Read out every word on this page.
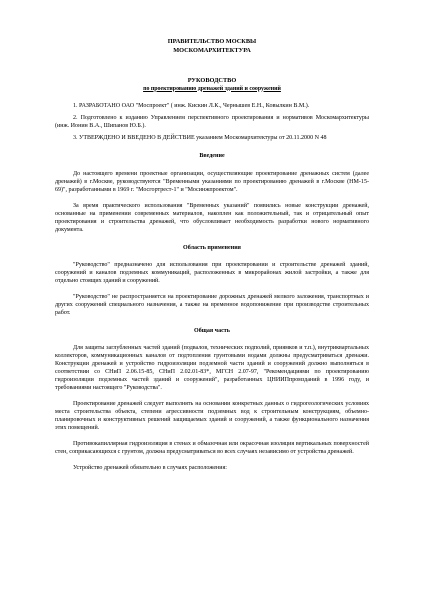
ПРАВИТЕЛЬСТВО МОСКВЫ
МОСКОМАРХИТЕКТУРА
РУКОВОДСТВО
по проектированию дренажей зданий и сооружений

1. РАЗРАБОТАНО ОАО "Моспроект" ( инж. Кискин Л.К., Чернышев Е.Н., Ковылкин В.М.).

2. Подготовлено к изданию Управлением перспективного проектирования и нормативов Москомархитектуры (инж. Ионин В.А., Шипанов Ю.Б.).

3. УТВЕРЖДЕНО И ВВЕДЕНО В ДЕЙСТВИЕ указанием Москомархитектуры от 20.11.2000 N 48

Введение

До настоящего времени проектные организации, осуществляющие проектирование дренажных систем (далее дренажей) в г.Москве, руководствуются "Временными указаниями по проектированию дренажей в г.Москве (НМ-15-69)", разработанными в 1969 г. "Мосгортрест-1" и "Мосинжпроектом".

За время практического использования "Временных указаний" появились новые конструкции дренажей, основанные на применении современных материалов, накоплен как положительный, так и отрицательный опыт проектирования и строительства дренажей, что обусловливает необходимость разработки нового нормативного документа.

Область применения

"Руководство" предназначено для использования при проектировании и строительстве дренажей зданий, сооружений и каналов подземных коммуникаций, расположенных в микрорайонах жилой застройки, а также для отдельно стоящих зданий и сооружений.

"Руководство" не распространяется на проектирование дорожных дренажей мелкого заложения, транспортных и других сооружений специального назначения, а также на временное водопонижение при производстве строительных работ.

Общая часть

Для защиты заглубленных частей зданий (подвалов, технических подполий, приямков и т.п.), внутриквартальных коллекторов, коммуникационных каналов от подтопления грунтовыми водами должны предусматриваться дренажи. Конструкции дренажей и устройство гидроизоляции подземной части зданий и сооружений должно выполняться в соответствии со СНиП 2.06.15-85, СНиП 2.02.01-83*, МГСН 2.07-97, "Рекомендациями по проектированию гидроизоляции подземных частей зданий и сооружений", разработанных ЦНИИПпромзданий в 1996 году, и требованиями настоящего "Руководства".

Проектирование дренажей следует выполнять на основании конкретных данных о гидрогеологических условиях места строительства объекта, степени агрессивности подземных вод к строительным конструкциям, объемно-планировочных и конструктивных решений защищаемых зданий и сооружений, а также функционального назначения этих помещений.

Противокапиллярная гидроизоляция в стенах и обмазочная или окрасочная изоляция вертикальных поверхностей стен, соприкасающихся с грунтом, должна предусматриваться во всех случаях независимо от устройства дренажей.

Устройство дренажей обязательно в случаях расположения:
